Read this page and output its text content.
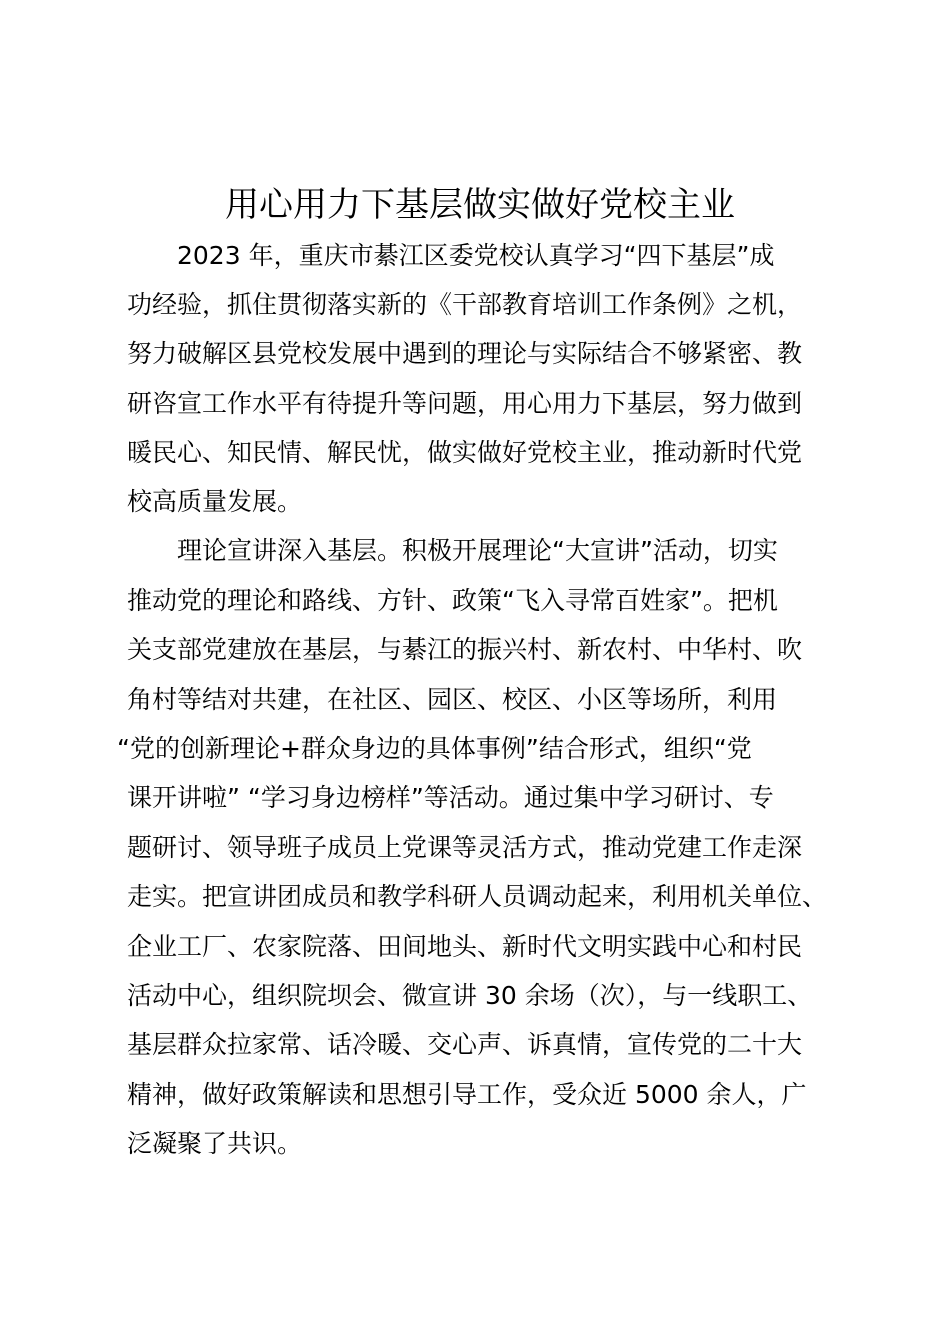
用心用力下基层做实做好党校主业
2023 年，重庆市綦江区委党校认真学习“四下基层”成
功经验，抓住贯彻落实新的《干部教育培训工作条例》之机，
努力破解区县党校发展中遇到的理论与实际结合不够紧密、教
研咨宣工作水平有待提升等问题，用心用力下基层，努力做到
暖民心、知民情、解民忧，做实做好党校主业，推动新时代党
校高质量发展。
理论宣讲深入基层。积极开展理论“大宣讲”活动，切实
推动党的理论和路线、方针、政策“飞入寻常百姓家”。把机
关支部党建放在基层，与綦江的振兴村、新农村、中华村、吹
角村等结对共建，在社区、园区、校区、小区等场所，利用
“党的创新理论+群众身边的具体事例”结合形式，组织“党
课开讲啦” “学习身边榜样”等活动。通过集中学习研讨、专
题研讨、领导班子成员上党课等灵活方式，推动党建工作走深
走实。把宣讲团成员和教学科研人员调动起来，利用机关单位、
企业工厂、农家院落、田间地头、新时代文明实践中心和村民
活动中心，组织院坝会、微宣讲 30 余场（次），与一线职工、
基层群众拉家常、话冷暖、交心声、诉真情，宣传党的二十大
精神，做好政策解读和思想引导工作，受众近 5000 余人，广
泛凝聚了共识。
